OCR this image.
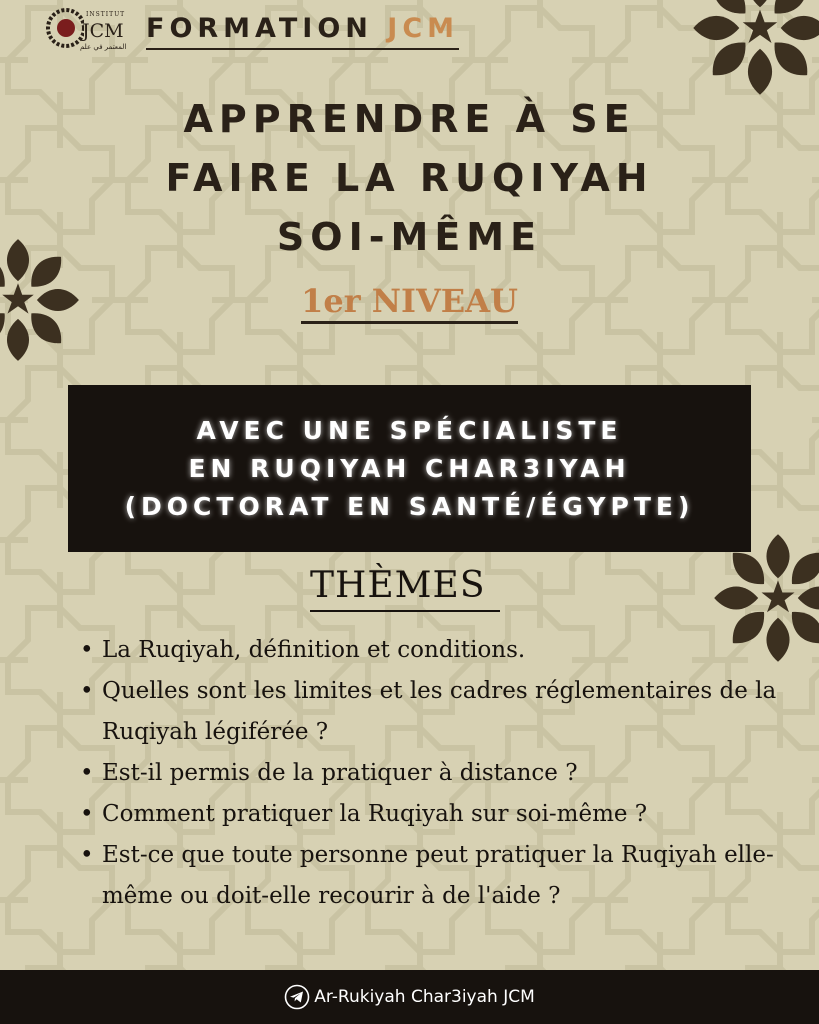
INSTITUT
JCM
المعتمر في علم
FORMATION JCM
APPRENDRE À SE
FAIRE LA RUQIYAH
SOI-MÊME
1er NIVEAU
AVEC UNE SPÉCIALISTE
EN RUQIYAH CHAR3IYAH
(DOCTORAT EN SANTÉ/ÉGYPTE)
THÈMES
• La Ruqiyah, définition et conditions.
• Quelles sont les limites et les cadres réglementaires de la Ruqiyah légiférée ?
• Est-il permis de la pratiquer à distance ?
• Comment pratiquer la Ruqiyah sur soi-même ?
• Est-ce que toute personne peut pratiquer la Ruqiyah elle-même ou doit-elle recourir à de l'aide ?
Ar-Rukiyah Char3iyah JCM
